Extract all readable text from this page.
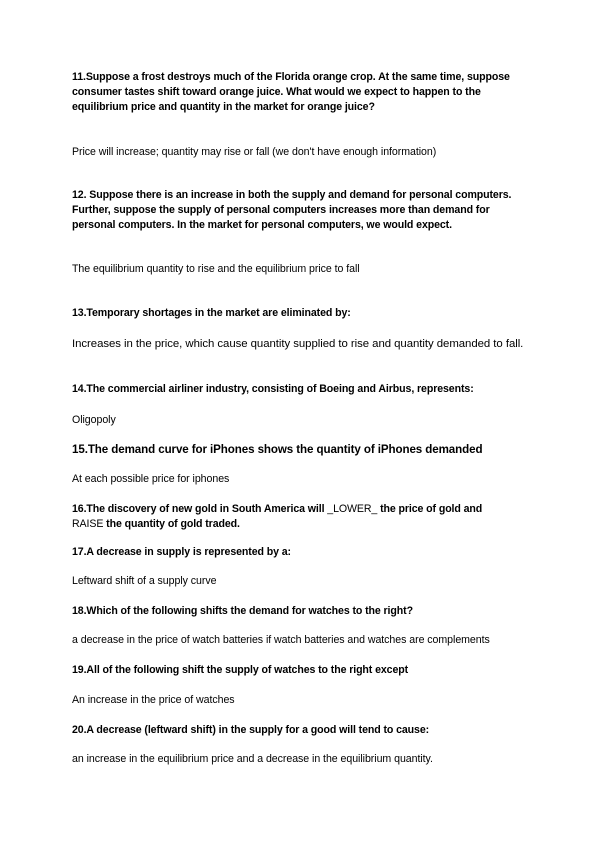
11.Suppose a frost destroys much of the Florida orange crop. At the same time, suppose consumer tastes shift toward orange juice. What would we expect to happen to the equilibrium price and quantity in the market for orange juice?
Price will increase; quantity may rise or fall (we don't have enough information)
12. Suppose there is an increase in both the supply and demand for personal computers. Further, suppose the supply of personal computers increases more than demand for personal computers. In the market for personal computers, we would expect.
The equilibrium quantity to rise and the equilibrium price to fall
13.Temporary shortages in the market are eliminated by:
Increases in the price, which cause quantity supplied to rise and quantity demanded to fall.
14.The commercial airliner industry, consisting of Boeing and Airbus, represents:
Oligopoly
15.The demand curve for iPhones shows the quantity of iPhones demanded
At each possible price for iphones
16.The discovery of new gold in South America will _LOWER_ the price of gold and
RAISE the quantity of gold traded.
17.A decrease in supply is represented by a:
Leftward shift of a supply curve
18.Which of the following shifts the demand for watches to the right?
a decrease in the price of watch batteries if watch batteries and watches are complements
19.All of the following shift the supply of watches to the right except
An increase in the price of watches
20.A decrease (leftward shift) in the supply for a good will tend to cause:
an increase in the equilibrium price and a decrease in the equilibrium quantity.
